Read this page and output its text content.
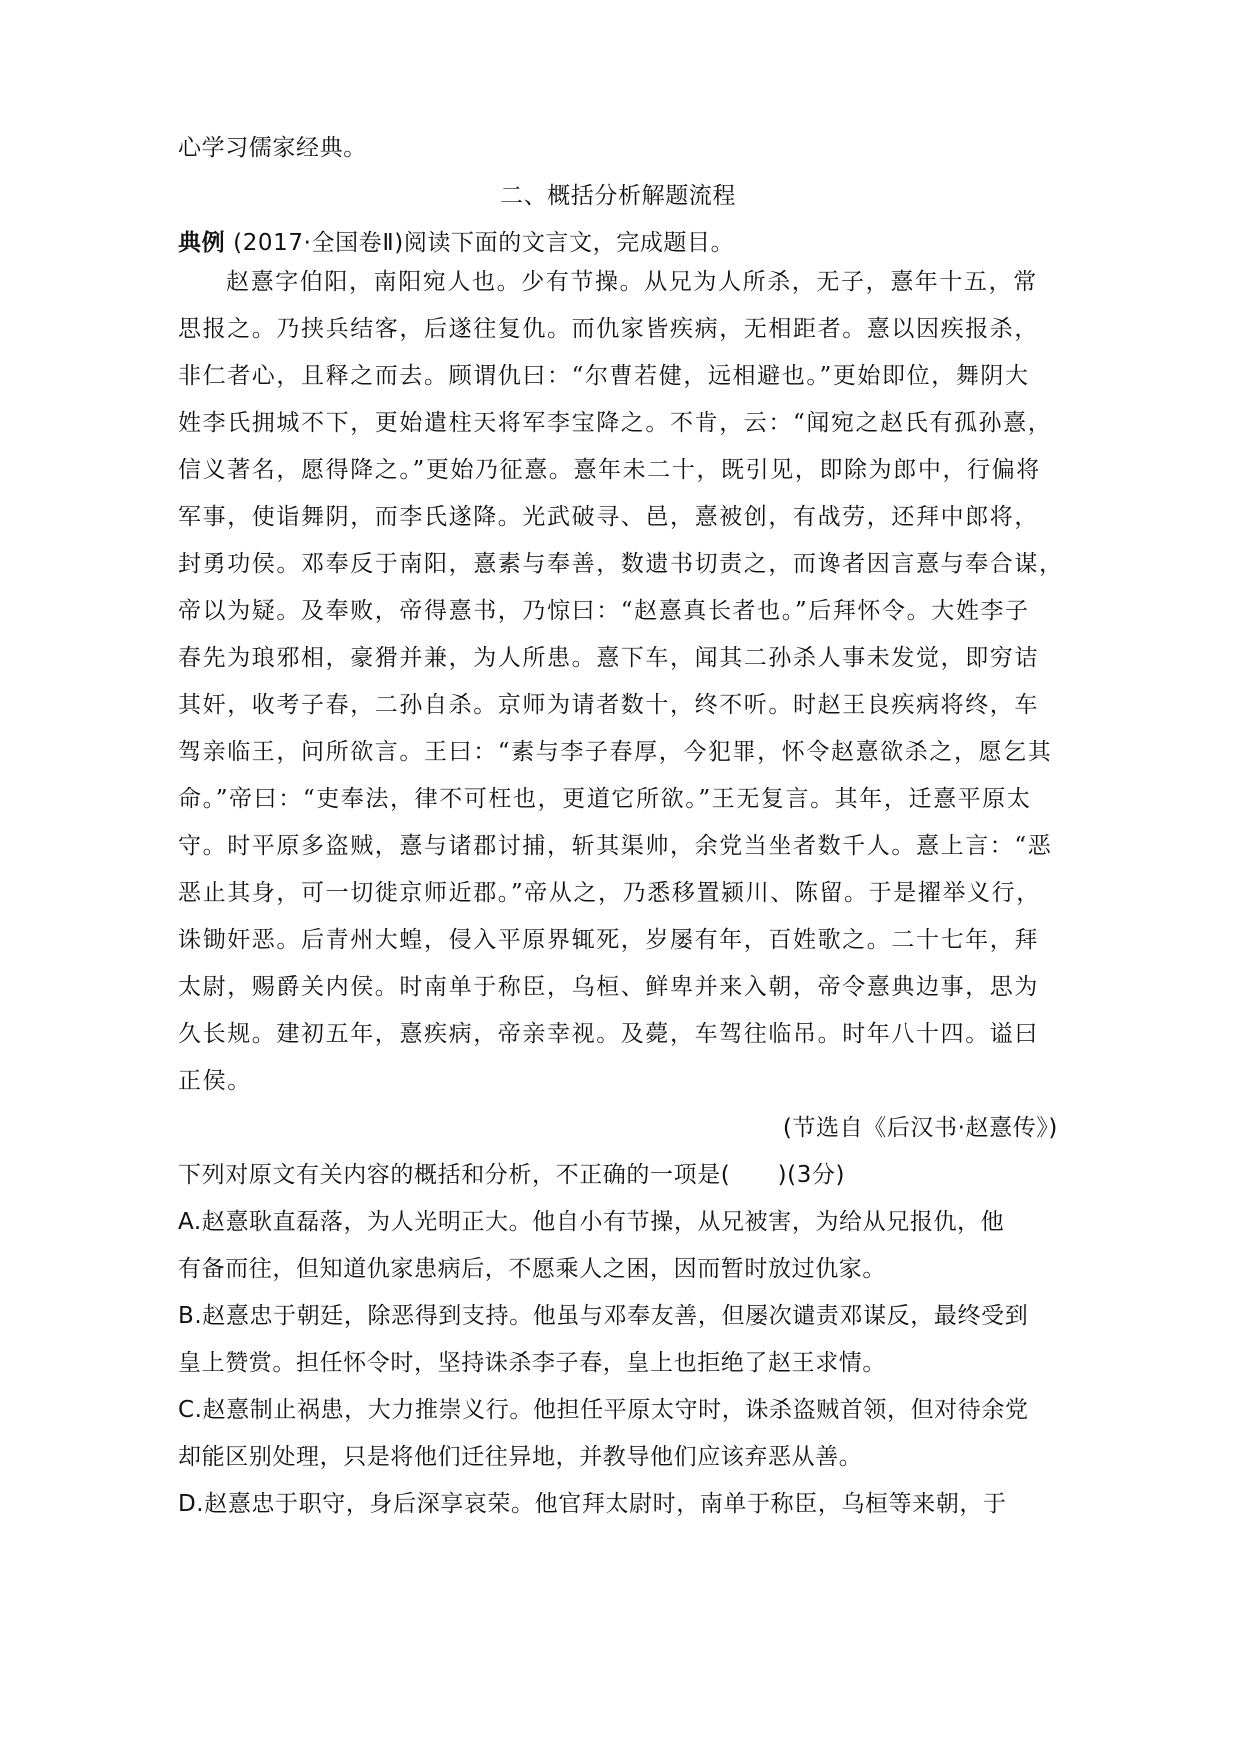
心学习儒家经典。
二、概括分析解题流程
典例 (2017·全国卷Ⅱ)阅读下面的文言文，完成题目。
赵憙字伯阳，南阳宛人也。少有节操。从兄为人所杀，无子，憙年十五，常
思报之。乃挟兵结客，后遂往复仇。而仇家皆疾病，无相距者。憙以因疾报杀，
非仁者心，且释之而去。顾谓仇曰：“尔曹若健，远相避也。”更始即位，舞阴大
姓李氏拥城不下，更始遣柱天将军李宝降之。不肯，云：“闻宛之赵氏有孤孙憙，
信义著名，愿得降之。”更始乃征憙。憙年未二十，既引见，即除为郎中，行偏将
军事，使诣舞阴，而李氏遂降。光武破寻、邑，憙被创，有战劳，还拜中郎将，
封勇功侯。邓奉反于南阳，憙素与奉善，数遗书切责之，而谗者因言憙与奉合谋，
帝以为疑。及奉败，帝得憙书，乃惊曰：“赵憙真长者也。”后拜怀令。大姓李子
春先为琅邪相，豪猾并兼，为人所患。憙下车，闻其二孙杀人事未发觉，即穷诘
其奸，收考子春，二孙自杀。京师为请者数十，终不听。时赵王良疾病将终，车
驾亲临王，问所欲言。王曰：“素与李子春厚，今犯罪，怀令赵憙欲杀之，愿乞其
命。”帝曰：“吏奉法，律不可枉也，更道它所欲。”王无复言。其年，迁憙平原太
守。时平原多盗贼，憙与诸郡讨捕，斩其渠帅，余党当坐者数千人。憙上言：“恶
恶止其身，可一切徙京师近郡。”帝从之，乃悉移置颍川、陈留。于是擢举义行，
诛锄奸恶。后青州大蝗，侵入平原界辄死，岁屡有年，百姓歌之。二十七年，拜
太尉，赐爵关内侯。时南单于称臣，乌桓、鲜卑并来入朝，帝令憙典边事，思为
久长规。建初五年，憙疾病，帝亲幸视。及薨，车驾往临吊。时年八十四。谥曰
正侯。
(节选自《后汉书·赵憙传》)
下列对原文有关内容的概括和分析，不正确的一项是(　　)(3分)
A.赵憙耿直磊落，为人光明正大。他自小有节操，从兄被害，为给从兄报仇，他
有备而往，但知道仇家患病后，不愿乘人之困，因而暂时放过仇家。
B.赵憙忠于朝廷，除恶得到支持。他虽与邓奉友善，但屡次谴责邓谋反，最终受到
皇上赞赏。担任怀令时，坚持诛杀李子春，皇上也拒绝了赵王求情。
C.赵憙制止祸患，大力推崇义行。他担任平原太守时，诛杀盗贼首领，但对待余党
却能区别处理，只是将他们迁往异地，并教导他们应该弃恶从善。
D.赵憙忠于职守，身后深享哀荣。他官拜太尉时，南单于称臣，乌桓等来朝，于
